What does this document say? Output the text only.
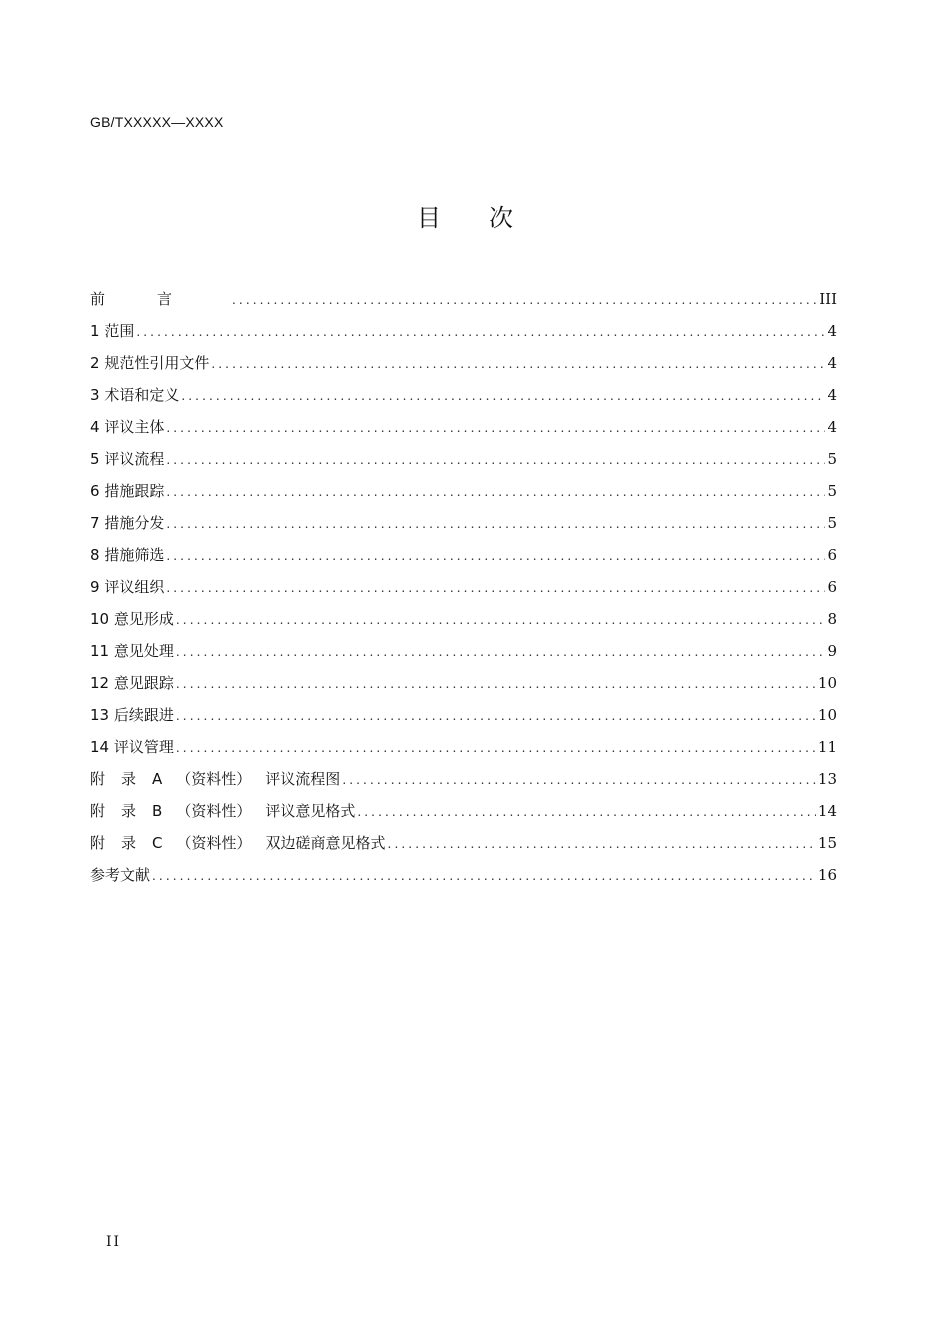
GB/TXXXXX—XXXX
目次
前言 .....	III
1 范围 .....	4
2 规范性引用文件 .....	4
3 术语和定义 .....	4
4 评议主体 .....	4
5 评议流程 .....	5
6 措施跟踪 .....	5
7 措施分发 .....	5
8 措施筛选 .....	6
9 评议组织 .....	6
10 意见形成 .....	8
11 意见处理 .....	9
12 意见跟踪 .....	10
13 后续跟进 .....	10
14 评议管理 .....	11
附录A （资料性） 评议流程图 .....	13
附录B （资料性） 评议意见格式 .....	14
附录C （资料性） 双边磋商意见格式 .....	15
参考文献 .....	16
II
